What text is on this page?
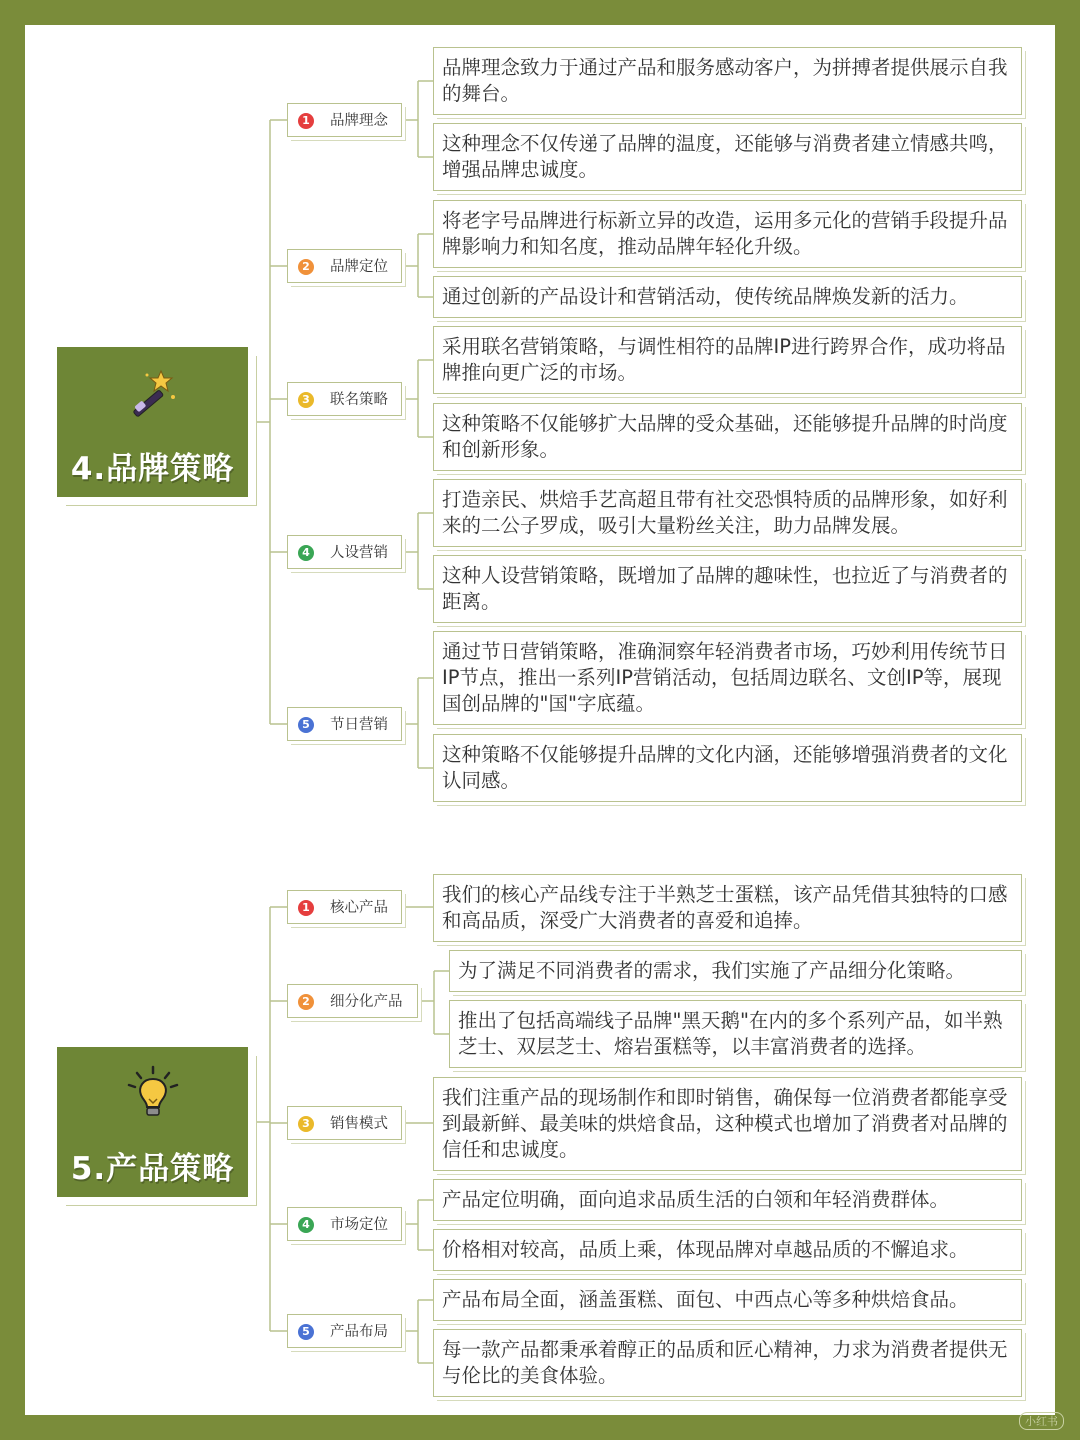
4.品牌策略
5.产品策略
1 品牌理念
2 品牌定位
3 联名策略
4 人设营销
5 节日营销
品牌理念致力于通过产品和服务感动客户，为拼搏者提供展示自我的舞台。
这种理念不仅传递了品牌的温度，还能够与消费者建立情感共鸣，增强品牌忠诚度。
将老字号品牌进行标新立异的改造，运用多元化的营销手段提升品牌影响力和知名度，推动品牌年轻化升级。
通过创新的产品设计和营销活动，使传统品牌焕发新的活力。
采用联名营销策略，与调性相符的品牌IP进行跨界合作，成功将品牌推向更广泛的市场。
这种策略不仅能够扩大品牌的受众基础，还能够提升品牌的时尚度和创新形象。
打造亲民、烘焙手艺高超且带有社交恐惧特质的品牌形象，如好利来的二公子罗成，吸引大量粉丝关注，助力品牌发展。
这种人设营销策略，既增加了品牌的趣味性，也拉近了与消费者的距离。
通过节日营销策略，准确洞察年轻消费者市场，巧妙利用传统节日IP节点，推出一系列IP营销活动，包括周边联名、文创IP等，展现国创品牌的"国"字底蕴。
这种策略不仅能够提升品牌的文化内涵，还能够增强消费者的文化认同感。
1 核心产品
2 细分化产品
3 销售模式
4 市场定位
5 产品布局
我们的核心产品线专注于半熟芝士蛋糕，该产品凭借其独特的口感和高品质，深受广大消费者的喜爱和追捧。
为了满足不同消费者的需求，我们实施了产品细分化策略。
推出了包括高端线子品牌"黑天鹅"在内的多个系列产品，如半熟芝士、双层芝士、熔岩蛋糕等，以丰富消费者的选择。
我们注重产品的现场制作和即时销售，确保每一位消费者都能享受到最新鲜、最美味的烘焙食品，这种模式也增加了消费者对品牌的信任和忠诚度。
产品定位明确，面向追求品质生活的白领和年轻消费群体。
价格相对较高，品质上乘，体现品牌对卓越品质的不懈追求。
产品布局全面，涵盖蛋糕、面包、中西点心等多种烘焙食品。
每一款产品都秉承着醇正的品质和匠心精神，力求为消费者提供无与伦比的美食体验。
小红书
